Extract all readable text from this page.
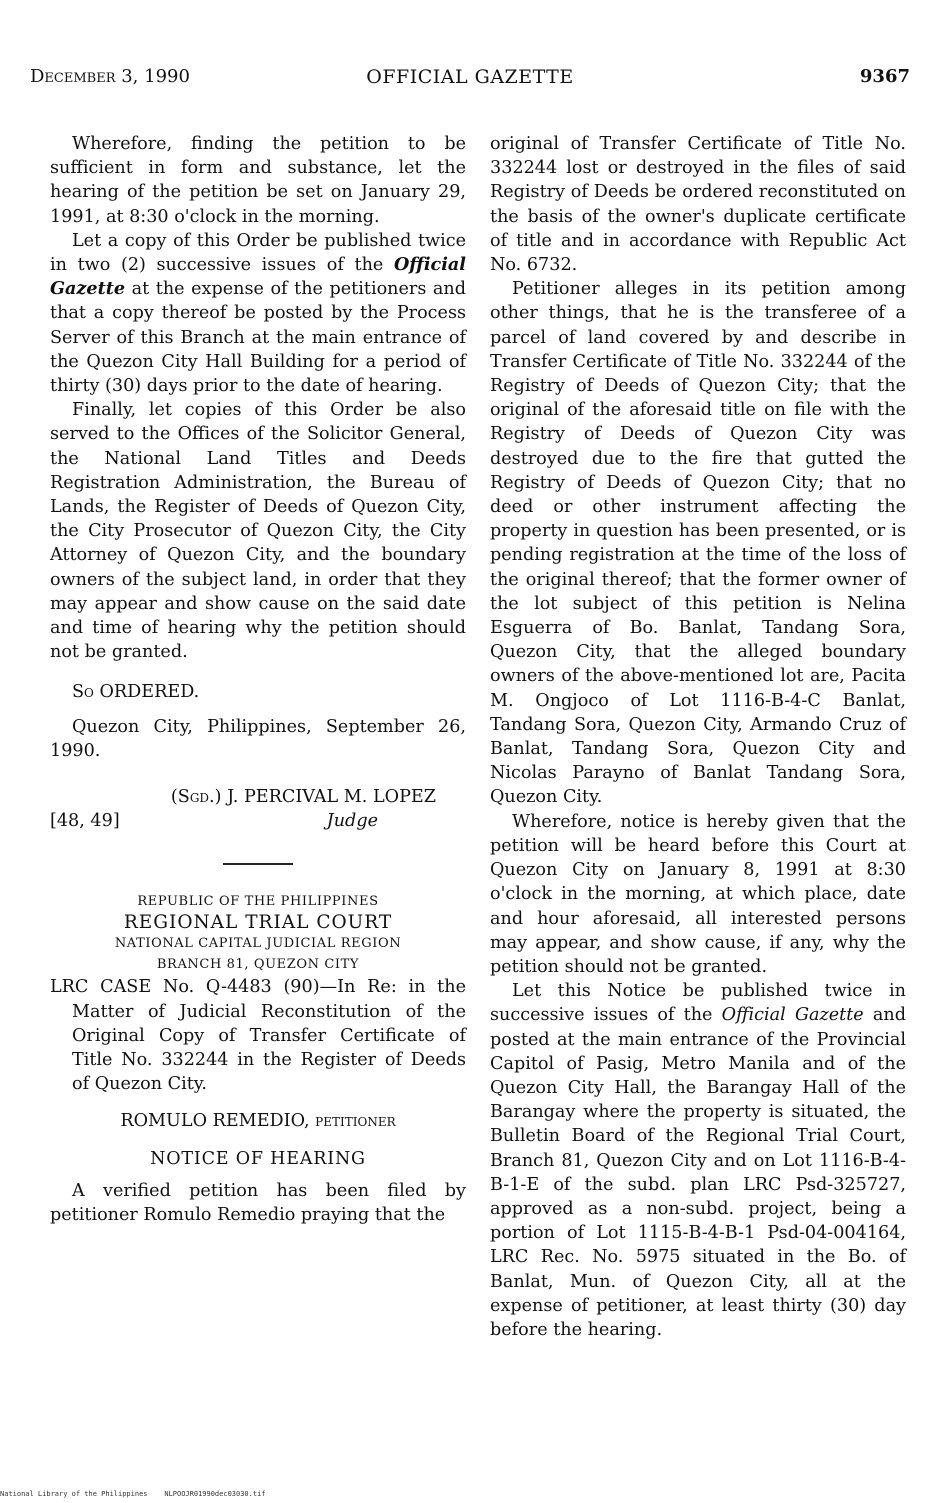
December 3, 1990	OFFICIAL GAZETTE	9367

Wherefore, finding the petition to be sufficient in form and substance, let the hearing of the petition be set on January 29, 1991, at 8:30 o'clock in the morning.

Let a copy of this Order be published twice in two (2) successive issues of the Official Gazette at the expense of the petitioners and that a copy thereof be posted by the Process Server of this Branch at the main entrance of the Quezon City Hall Building for a period of thirty (30) days prior to the date of hearing.

Finally, let copies of this Order be also served to the Offices of the Solicitor General, the National Land Titles and Deeds Registration Administration, the Bureau of Lands, the Register of Deeds of Quezon City, the City Prosecutor of Quezon City, the City Attorney of Quezon City, and the boundary owners of the subject land, in order that they may appear and show cause on the said date and time of hearing why the petition should not be granted.

So ORDERED.

Quezon City, Philippines, September 26, 1990.

(Sgd.) J. PERCIVAL M. LOPEZ
[48, 49]	Judge
REPUBLIC OF THE PHILIPPINES
REGIONAL TRIAL COURT
NATIONAL CAPITAL JUDICIAL REGION
BRANCH 81, QUEZON CITY

LRC CASE No. Q-4483 (90)—In Re: in the Matter of Judicial Reconstitution of the Original Copy of Transfer Certificate of Title No. 332244 in the Register of Deeds of Quezon City.

ROMULO REMEDIO, petitioner
NOTICE OF HEARING

A verified petition has been filed by petitioner Romulo Remedio praying that the

original of Transfer Certificate of Title No. 332244 lost or destroyed in the files of said Registry of Deeds be ordered reconstituted on the basis of the owner's duplicate certificate of title and in accordance with Republic Act No. 6732.

Petitioner alleges in its petition among other things, that he is the transferee of a parcel of land covered by and describe in Transfer Certificate of Title No. 332244 of the Registry of Deeds of Quezon City; that the original of the aforesaid title on file with the Registry of Deeds of Quezon City was destroyed due to the fire that gutted the Registry of Deeds of Quezon City; that no deed or other instrument affecting the property in question has been presented, or is pending registration at the time of the loss of the original thereof; that the former owner of the lot subject of this petition is Nelina Esguerra of Bo. Banlat, Tandang Sora, Quezon City, that the alleged boundary owners of the above-mentioned lot are, Pacita M. Ongjoco of Lot 1116-B-4-C Banlat, Tandang Sora, Quezon City, Armando Cruz of Banlat, Tandang Sora, Quezon City and Nicolas Parayno of Banlat Tandang Sora, Quezon City.

Wherefore, notice is hereby given that the petition will be heard before this Court at Quezon City on January 8, 1991 at 8:30 o'clock in the morning, at which place, date and hour aforesaid, all interested persons may appear, and show cause, if any, why the petition should not be granted.

Let this Notice be published twice in successive issues of the Official Gazette and posted at the main entrance of the Provincial Capitol of Pasig, Metro Manila and of the Quezon City Hall, the Barangay Hall of the Barangay where the property is situated, the Bulletin Board of the Regional Trial Court, Branch 81, Quezon City and on Lot 1116-B-4-B-1-E of the subd. plan LRC Psd-325727, approved as a non-subd. project, being a portion of Lot 1115-B-4-B-1 Psd-04-004164, LRC Rec. No. 5975 situated in the Bo. of Banlat, Mun. of Quezon City, all at the expense of petitioner, at least thirty (30) day before the hearing.

National Library of the Philippines    NLPOOJR01990dec03030.tif
